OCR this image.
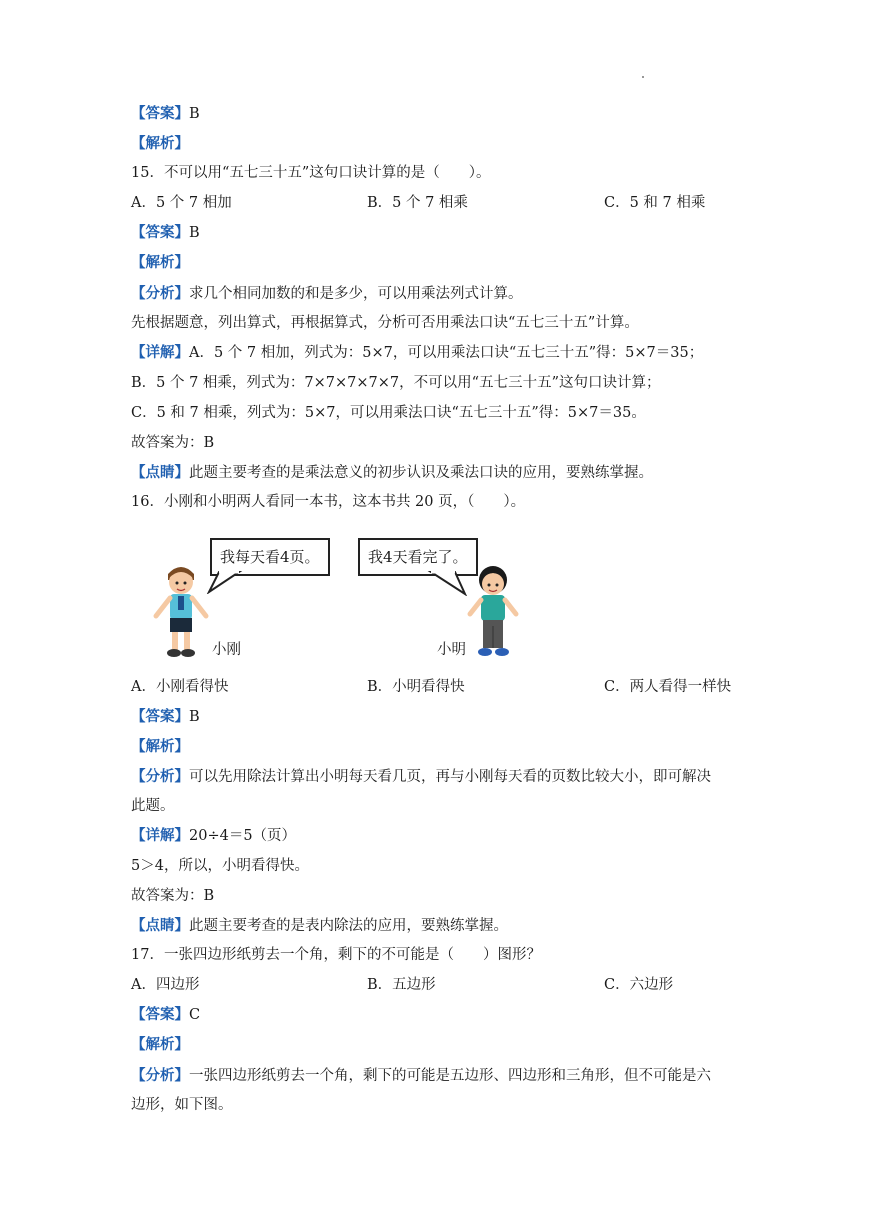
【答案】B
【解析】
15．不可以用“五七三十五”这句口诀计算的是（　　）。
A．5 个 7 相加	B．5 个 7 相乘	C．5 和 7 相乘
【答案】B
【解析】
【分析】求几个相同加数的和是多少，可以用乘法列式计算。
先根据题意，列出算式，再根据算式，分析可否用乘法口诀“五七三十五”计算。
【详解】A．5 个 7 相加，列式为：5×7，可以用乘法口诀“五七三十五”得：5×7＝35；
B．5 个 7 相乘，列式为：7×7×7×7×7，不可以用“五七三十五”这句口诀计算；
C．5 和 7 相乘，列式为：5×7，可以用乘法口诀“五七三十五”得：5×7＝35。
故答案为：B
【点睛】此题主要考查的是乘法意义的初步认识及乘法口诀的应用，要熟练掌握。
16．小刚和小明两人看同一本书，这本书共 20 页，（　　）。
我每天看4页。	我4天看完了。
小刚	小明
A．小刚看得快	B．小明看得快	C．两人看得一样快
【答案】B
【解析】
【分析】可以先用除法计算出小明每天看几页，再与小刚每天看的页数比较大小，即可解决
此题。
【详解】20÷4＝5（页）
5＞4，所以，小明看得快。
故答案为：B
【点睛】此题主要考查的是表内除法的应用，要熟练掌握。
17．一张四边形纸剪去一个角，剩下的不可能是（　　）图形？
A．四边形	B．五边形	C．六边形
【答案】C
【解析】
【分析】一张四边形纸剪去一个角，剩下的可能是五边形、四边形和三角形，但不可能是六
边形，如下图。
